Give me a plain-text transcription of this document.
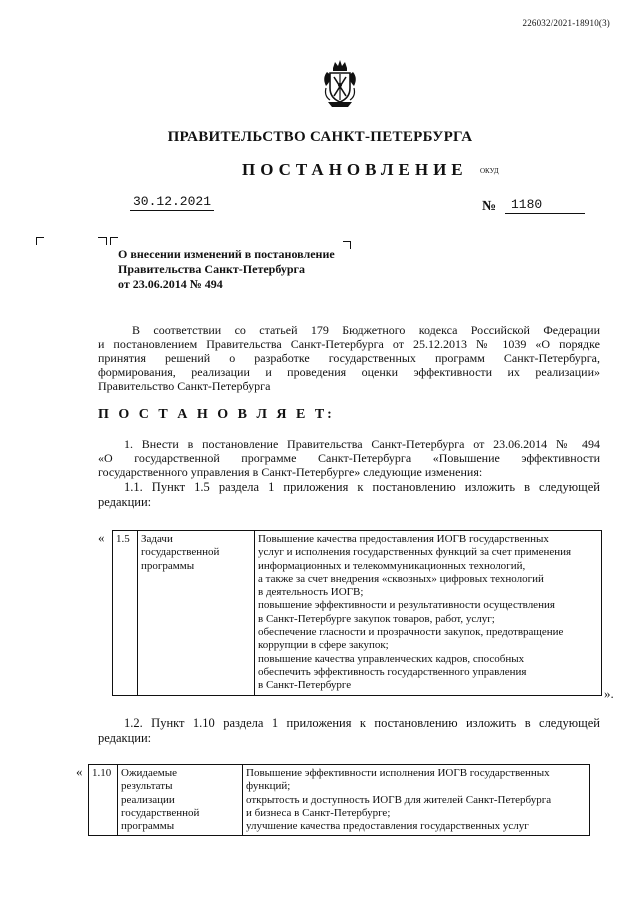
226032/2021-18910(3)
ПРАВИТЕЛЬСТВО САНКТ-ПЕТЕРБУРГА
ПОСТАНОВЛЕНИЕ ОКУД
30.12.2021	№	1180
О внесении изменений в постановление
Правительства Санкт-Петербурга
от 23.06.2014 № 494
В соответствии со статьей 179 Бюджетного кодекса Российской Федерации
и постановлением Правительства Санкт-Петербурга от 25.12.2013 № 1039 «О порядке
принятия решений о разработке государственных программ Санкт-Петербурга,
формирования, реализации и проведения оценки эффективности их реализации»
Правительство Санкт-Петербурга
П О С Т А Н О В Л Я Е Т:
1. Внести в постановление Правительства Санкт-Петербурга от 23.06.2014 № 494
«О государственной программе Санкт-Петербурга «Повышение эффективности
государственного управления в Санкт-Петербурге» следующие изменения:
1.1. Пункт 1.5 раздела 1 приложения к постановлению изложить в следующей
редакции:
« 1.5	Задачи
государственной
программы

Повышение качества предоставления ИОГВ государственных
услуг и исполнения государственных функций за счет применения
информационных и телекоммуникационных технологий,
а также за счет внедрения «сквозных» цифровых технологий
в деятельность ИОГВ;
повышение эффективности и результативности осуществления
в Санкт-Петербурге закупок товаров, работ, услуг;
обеспечение гласности и прозрачности закупок, предотвращение
коррупции в сфере закупок;
повышение качества управленческих кадров, способных
обеспечить эффективность государственного управления
в Санкт-Петербурге
».
1.2. Пункт 1.10 раздела 1 приложения к постановлению изложить в следующей
редакции:
« 1.10	Ожидаемые
результаты
реализации
государственной
программы

Повышение эффективности исполнения ИОГВ государственных
функций;
открытость и доступность ИОГВ для жителей Санкт-Петербурга
и бизнеса в Санкт-Петербурге;
улучшение качества предоставления государственных услуг
